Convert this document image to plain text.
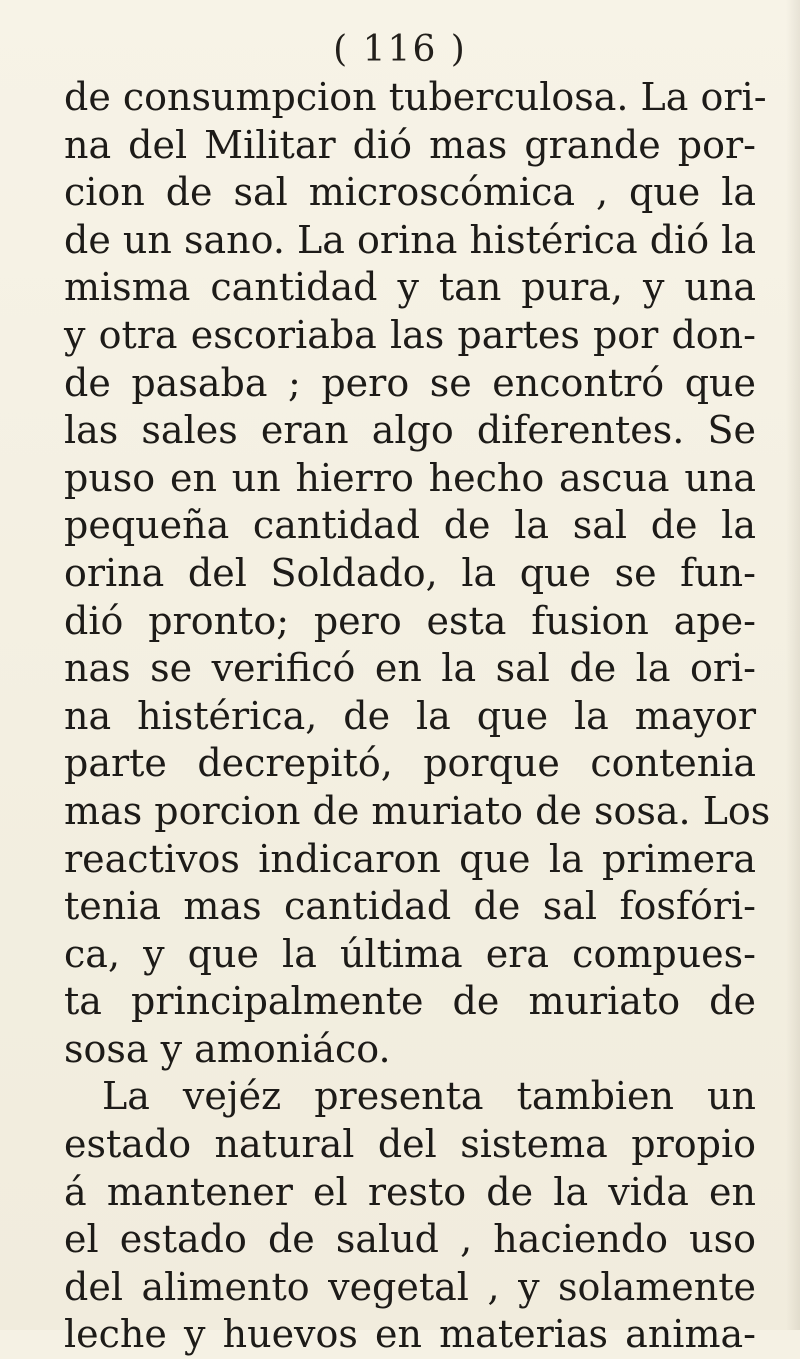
( 116 )
de consumpcion tuberculosa. La ori-
na del Militar dió mas grande por-
cion de sal microscómica , que la
de un sano. La orina histérica dió la
misma cantidad y tan pura, y una
y otra escoriaba las partes por don-
de pasaba ; pero se encontró que
las sales eran algo diferentes. Se
puso en un hierro hecho ascua una
pequeña cantidad de la sal de la
orina del Soldado, la que se fun-
dió pronto; pero esta fusion ape-
nas se verificó en la sal de la ori-
na histérica, de la que la mayor
parte decrepitó, porque contenia
mas porcion de muriato de sosa. Los
reactivos indicaron que la primera
tenia mas cantidad de sal fosfóri-
ca, y que la última era compues-
ta principalmente de muriato de
sosa y amoniáco.
La vejéz presenta tambien un
estado natural del sistema propio
á mantener el resto de la vida en
el estado de salud , haciendo uso
del alimento vegetal , y solamente
leche y huevos en materias anima-
